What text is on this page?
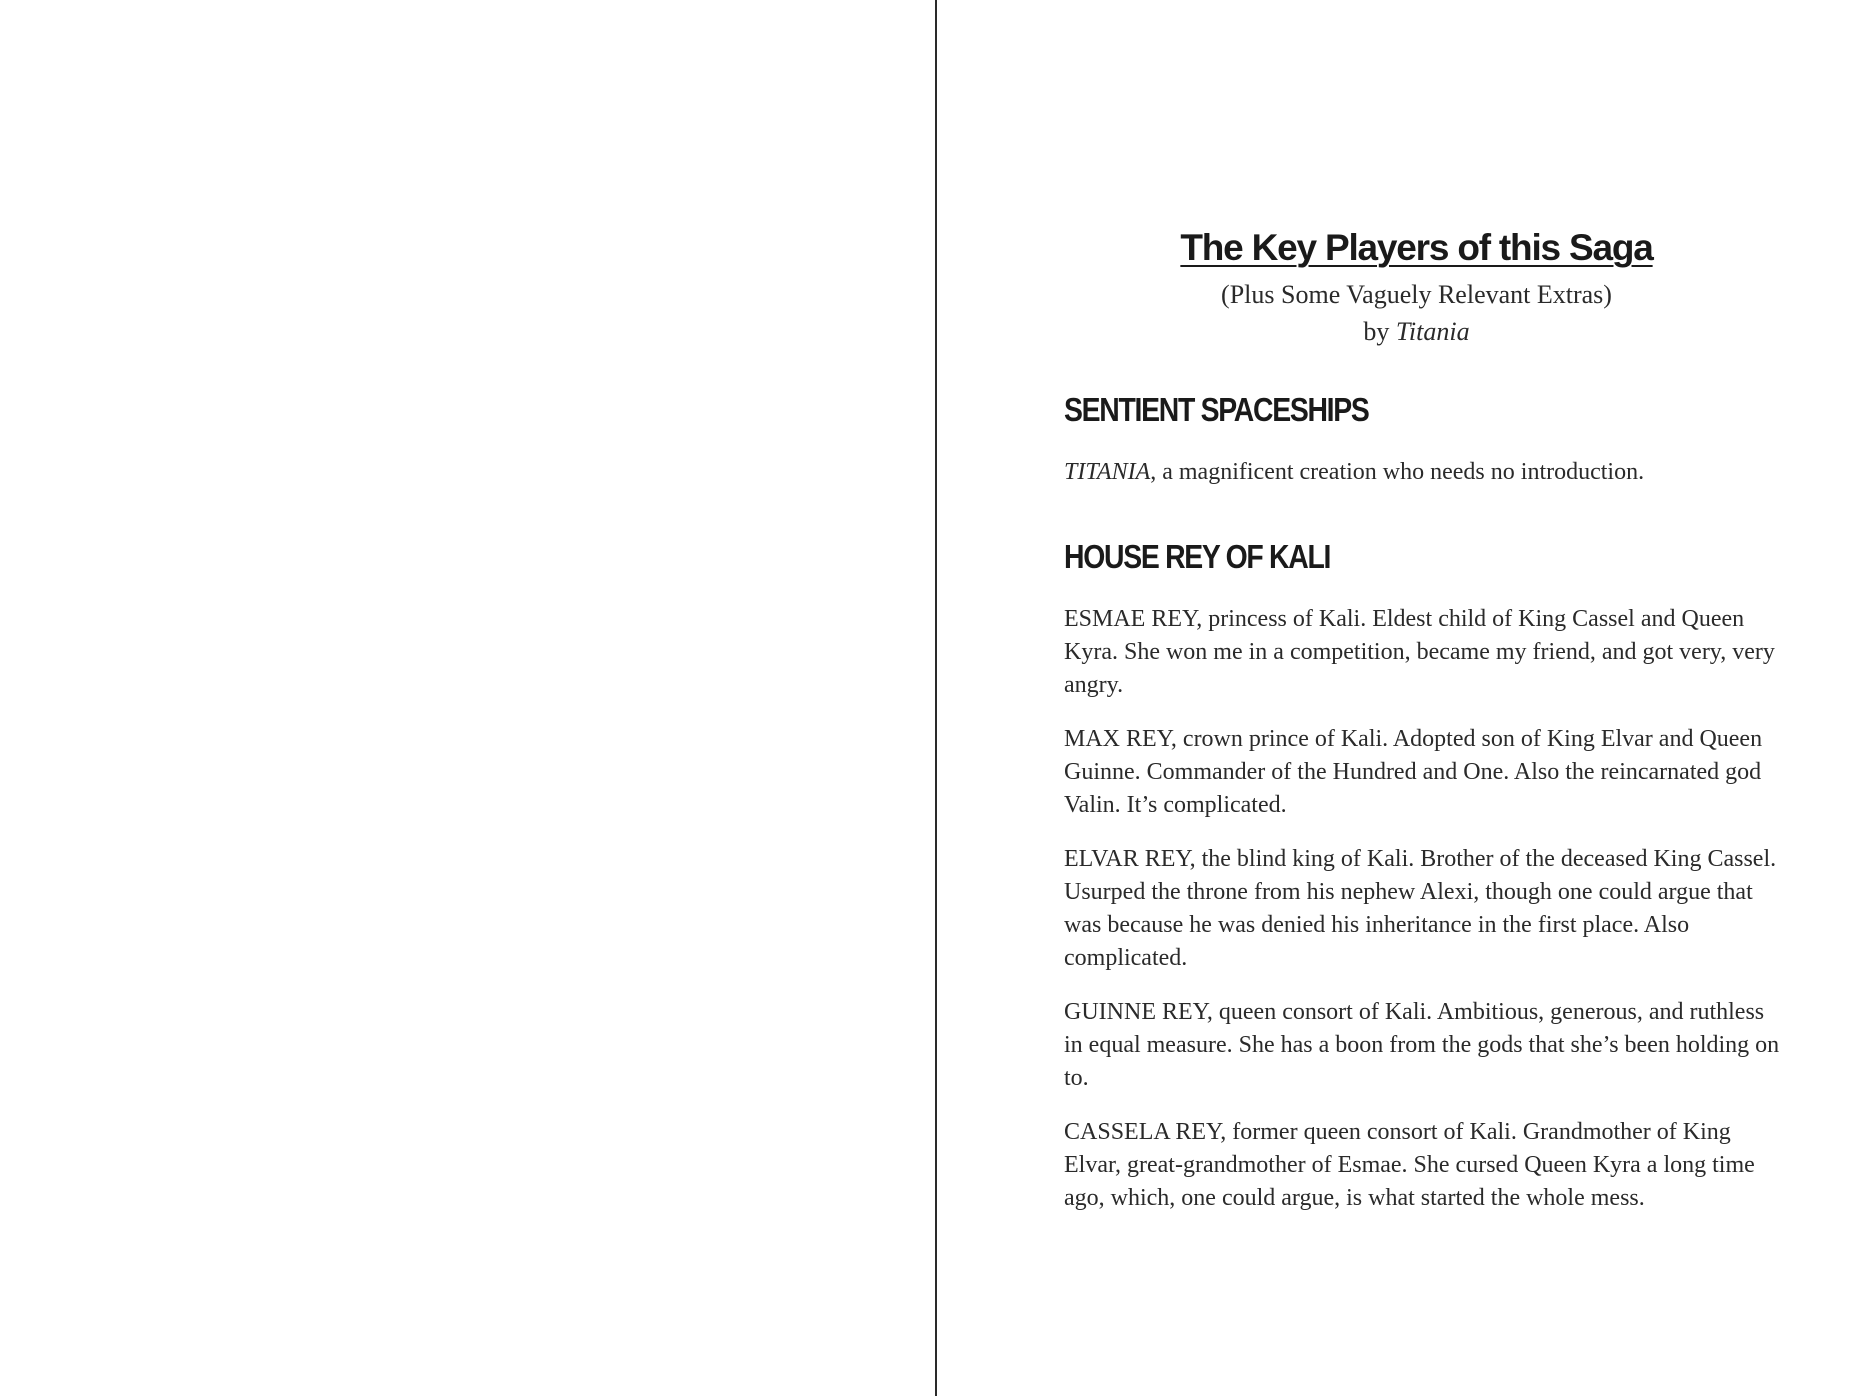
The Key Players of this Saga

(Plus Some Vaguely Relevant Extras)

by Titania

SENTIENT SPACESHIPS

TITANIA, a magnificent creation who needs no introduction.

HOUSE REY OF KALI

ESMAE REY, princess of Kali. Eldest child of King Cassel and Queen Kyra. She won me in a competition, became my friend, and got very, very angry.

MAX REY, crown prince of Kali. Adopted son of King Elvar and Queen Guinne. Commander of the Hundred and One. Also the reincarnated god Valin. It’s complicated.

ELVAR REY, the blind king of Kali. Brother of the deceased King Cassel. Usurped the throne from his nephew Alexi, though one could argue that was because he was denied his inheritance in the first place. Also complicated.

GUINNE REY, queen consort of Kali. Ambitious, generous, and ruthless in equal measure. She has a boon from the gods that she’s been holding on to.

CASSELA REY, former queen consort of Kali. Grandmother of King Elvar, great-grandmother of Esmae. She cursed Queen Kyra a long time ago, which, one could argue, is what started the whole mess.
